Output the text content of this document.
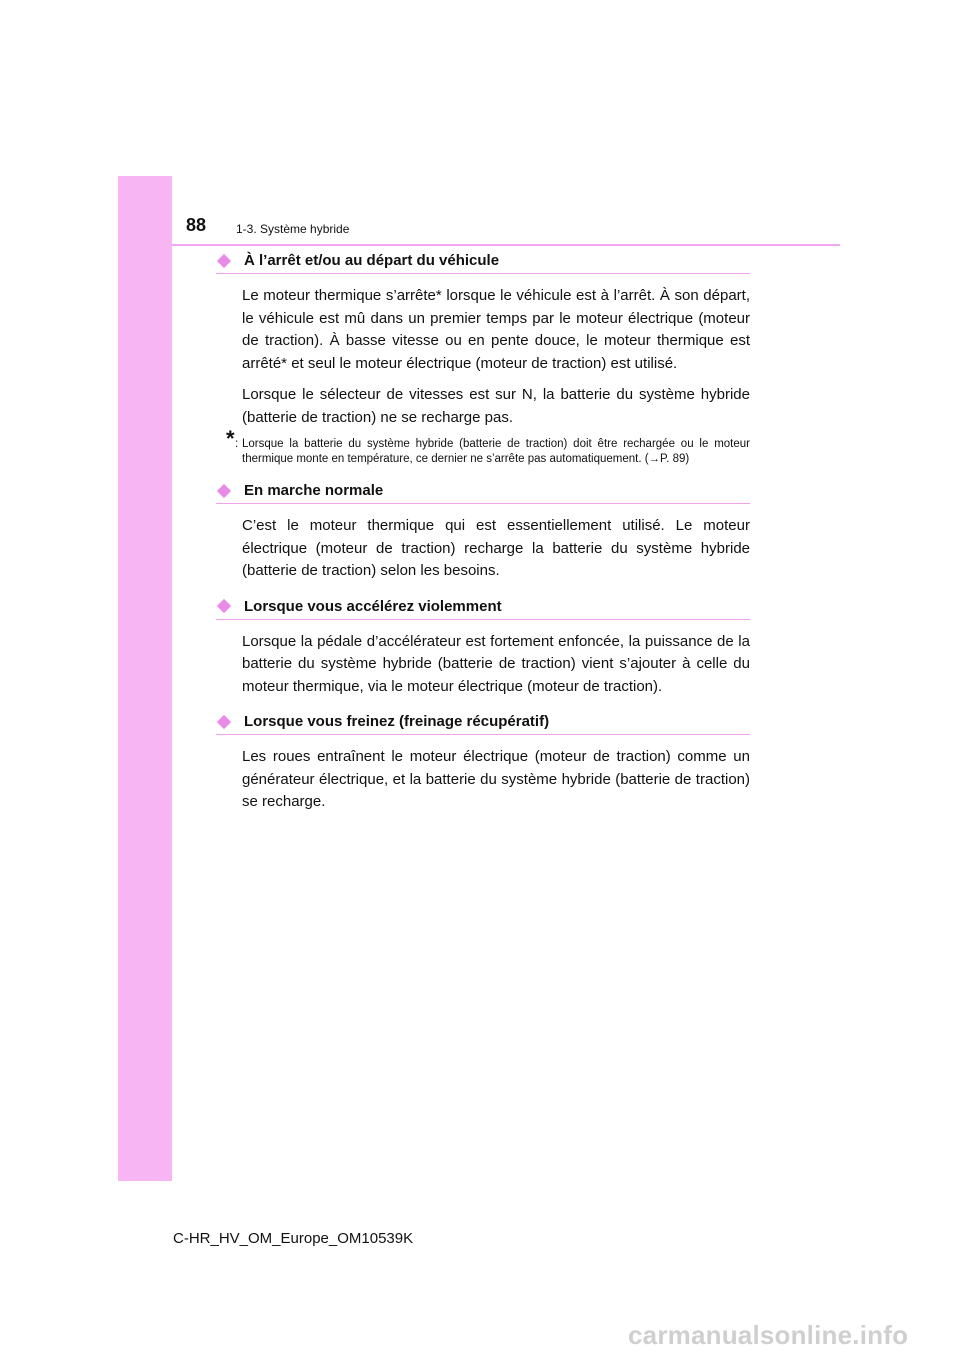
88 1-3. Système hybride
À l’arrêt et/ou au départ du véhicule

Le moteur thermique s’arrête* lorsque le véhicule est à l’arrêt. À son départ, le véhicule est mû dans un premier temps par le moteur électrique (moteur de traction). À basse vitesse ou en pente douce, le moteur thermique est arrêté* et seul le moteur électrique (moteur de traction) est utilisé.

Lorsque le sélecteur de vitesses est sur N, la batterie du système hybride (batterie de traction) ne se recharge pas.

* : Lorsque la batterie du système hybride (batterie de traction) doit être rechargée ou le moteur thermique monte en température, ce dernier ne s’arrête pas automatiquement. (→P. 89)
En marche normale

C’est le moteur thermique qui est essentiellement utilisé. Le moteur électrique (moteur de traction) recharge la batterie du système hybride (batterie de traction) selon les besoins.

Lorsque vous accélérez violemment

Lorsque la pédale d’accélérateur est fortement enfoncée, la puissance de la batterie du système hybride (batterie de traction) vient s’ajouter à celle du moteur thermique, via le moteur électrique (moteur de traction).

Lorsque vous freinez (freinage récupératif)

Les roues entraînent le moteur électrique (moteur de traction) comme un générateur électrique, et la batterie du système hybride (batterie de traction) se recharge.

C-HR_HV_OM_Europe_OM10539K
carmanualsonline.info
